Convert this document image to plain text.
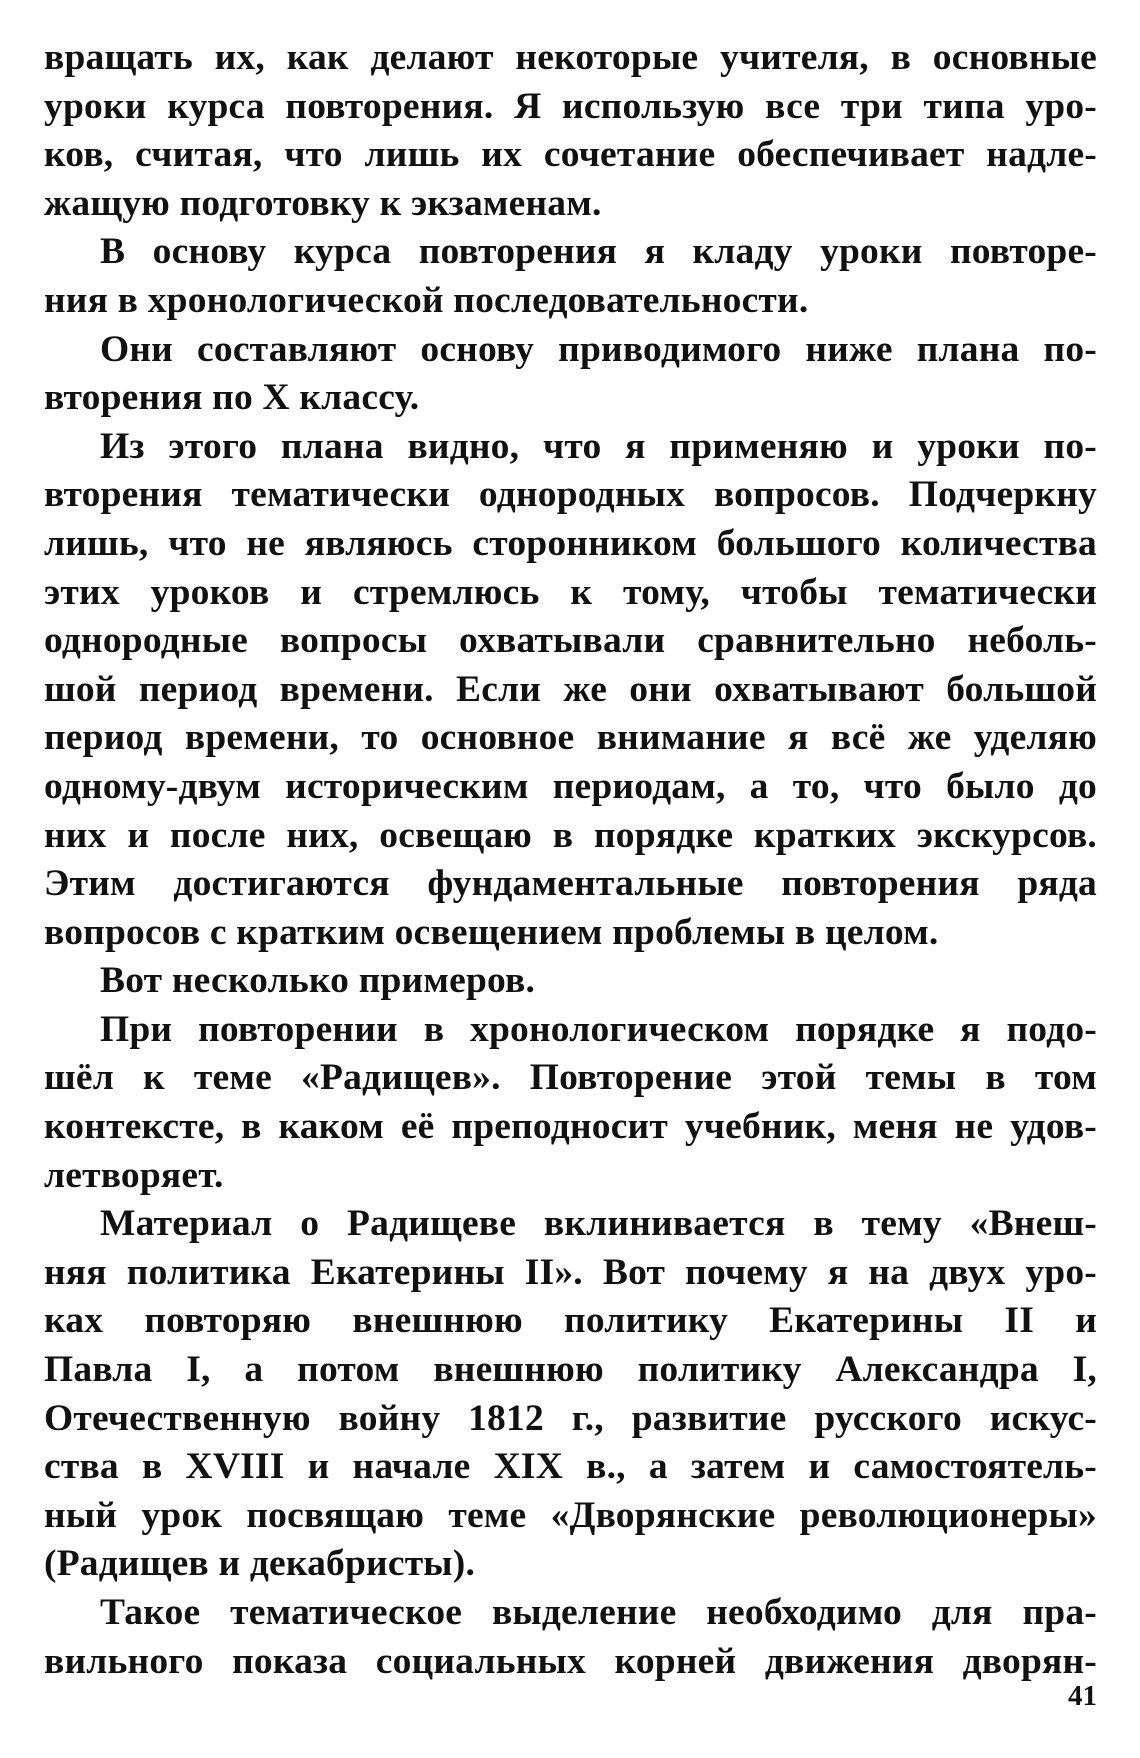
вращать их, как делают некоторые учителя, в основные
уроки курса повторения. Я использую все три типа уро-
ков, считая, что лишь их сочетание обеспечивает надле-
жащую подготовку к экзаменам.
В основу курса повторения я кладу уроки повторе-
ния в хронологической последовательности.
Они составляют основу приводимого ниже плана по-
вторения по X классу.
Из этого плана видно, что я применяю и уроки по-
вторения тематически однородных вопросов. Подчеркну
лишь, что не являюсь сторонником большого количества
этих уроков и стремлюсь к тому, чтобы тематически
однородные вопросы охватывали сравнительно неболь-
шой период времени. Если же они охватывают большой
период времени, то основное внимание я всё же уделяю
одному-двум историческим периодам, а то, что было до
них и после них, освещаю в порядке кратких экскурсов.
Этим достигаются фундаментальные повторения ряда
вопросов с кратким освещением проблемы в целом.
Вот несколько примеров.
При повторении в хронологическом порядке я подо-
шёл к теме «Радищев». Повторение этой темы в том
контексте, в каком её преподносит учебник, меня не удов-
летворяет.
Материал о Радищеве вклинивается в тему «Внеш-
няя политика Екатерины II». Вот почему я на двух уро-
ках повторяю внешнюю политику Екатерины II и
Павла I, а потом внешнюю политику Александра I,
Отечественную войну 1812 г., развитие русского искус-
ства в XVIII и начале XIX в., а затем и самостоятель-
ный урок посвящаю теме «Дворянские революционеры»
(Радищев и декабристы).
Такое тематическое выделение необходимо для пра-
вильного показа социальных корней движения дворян-
41
